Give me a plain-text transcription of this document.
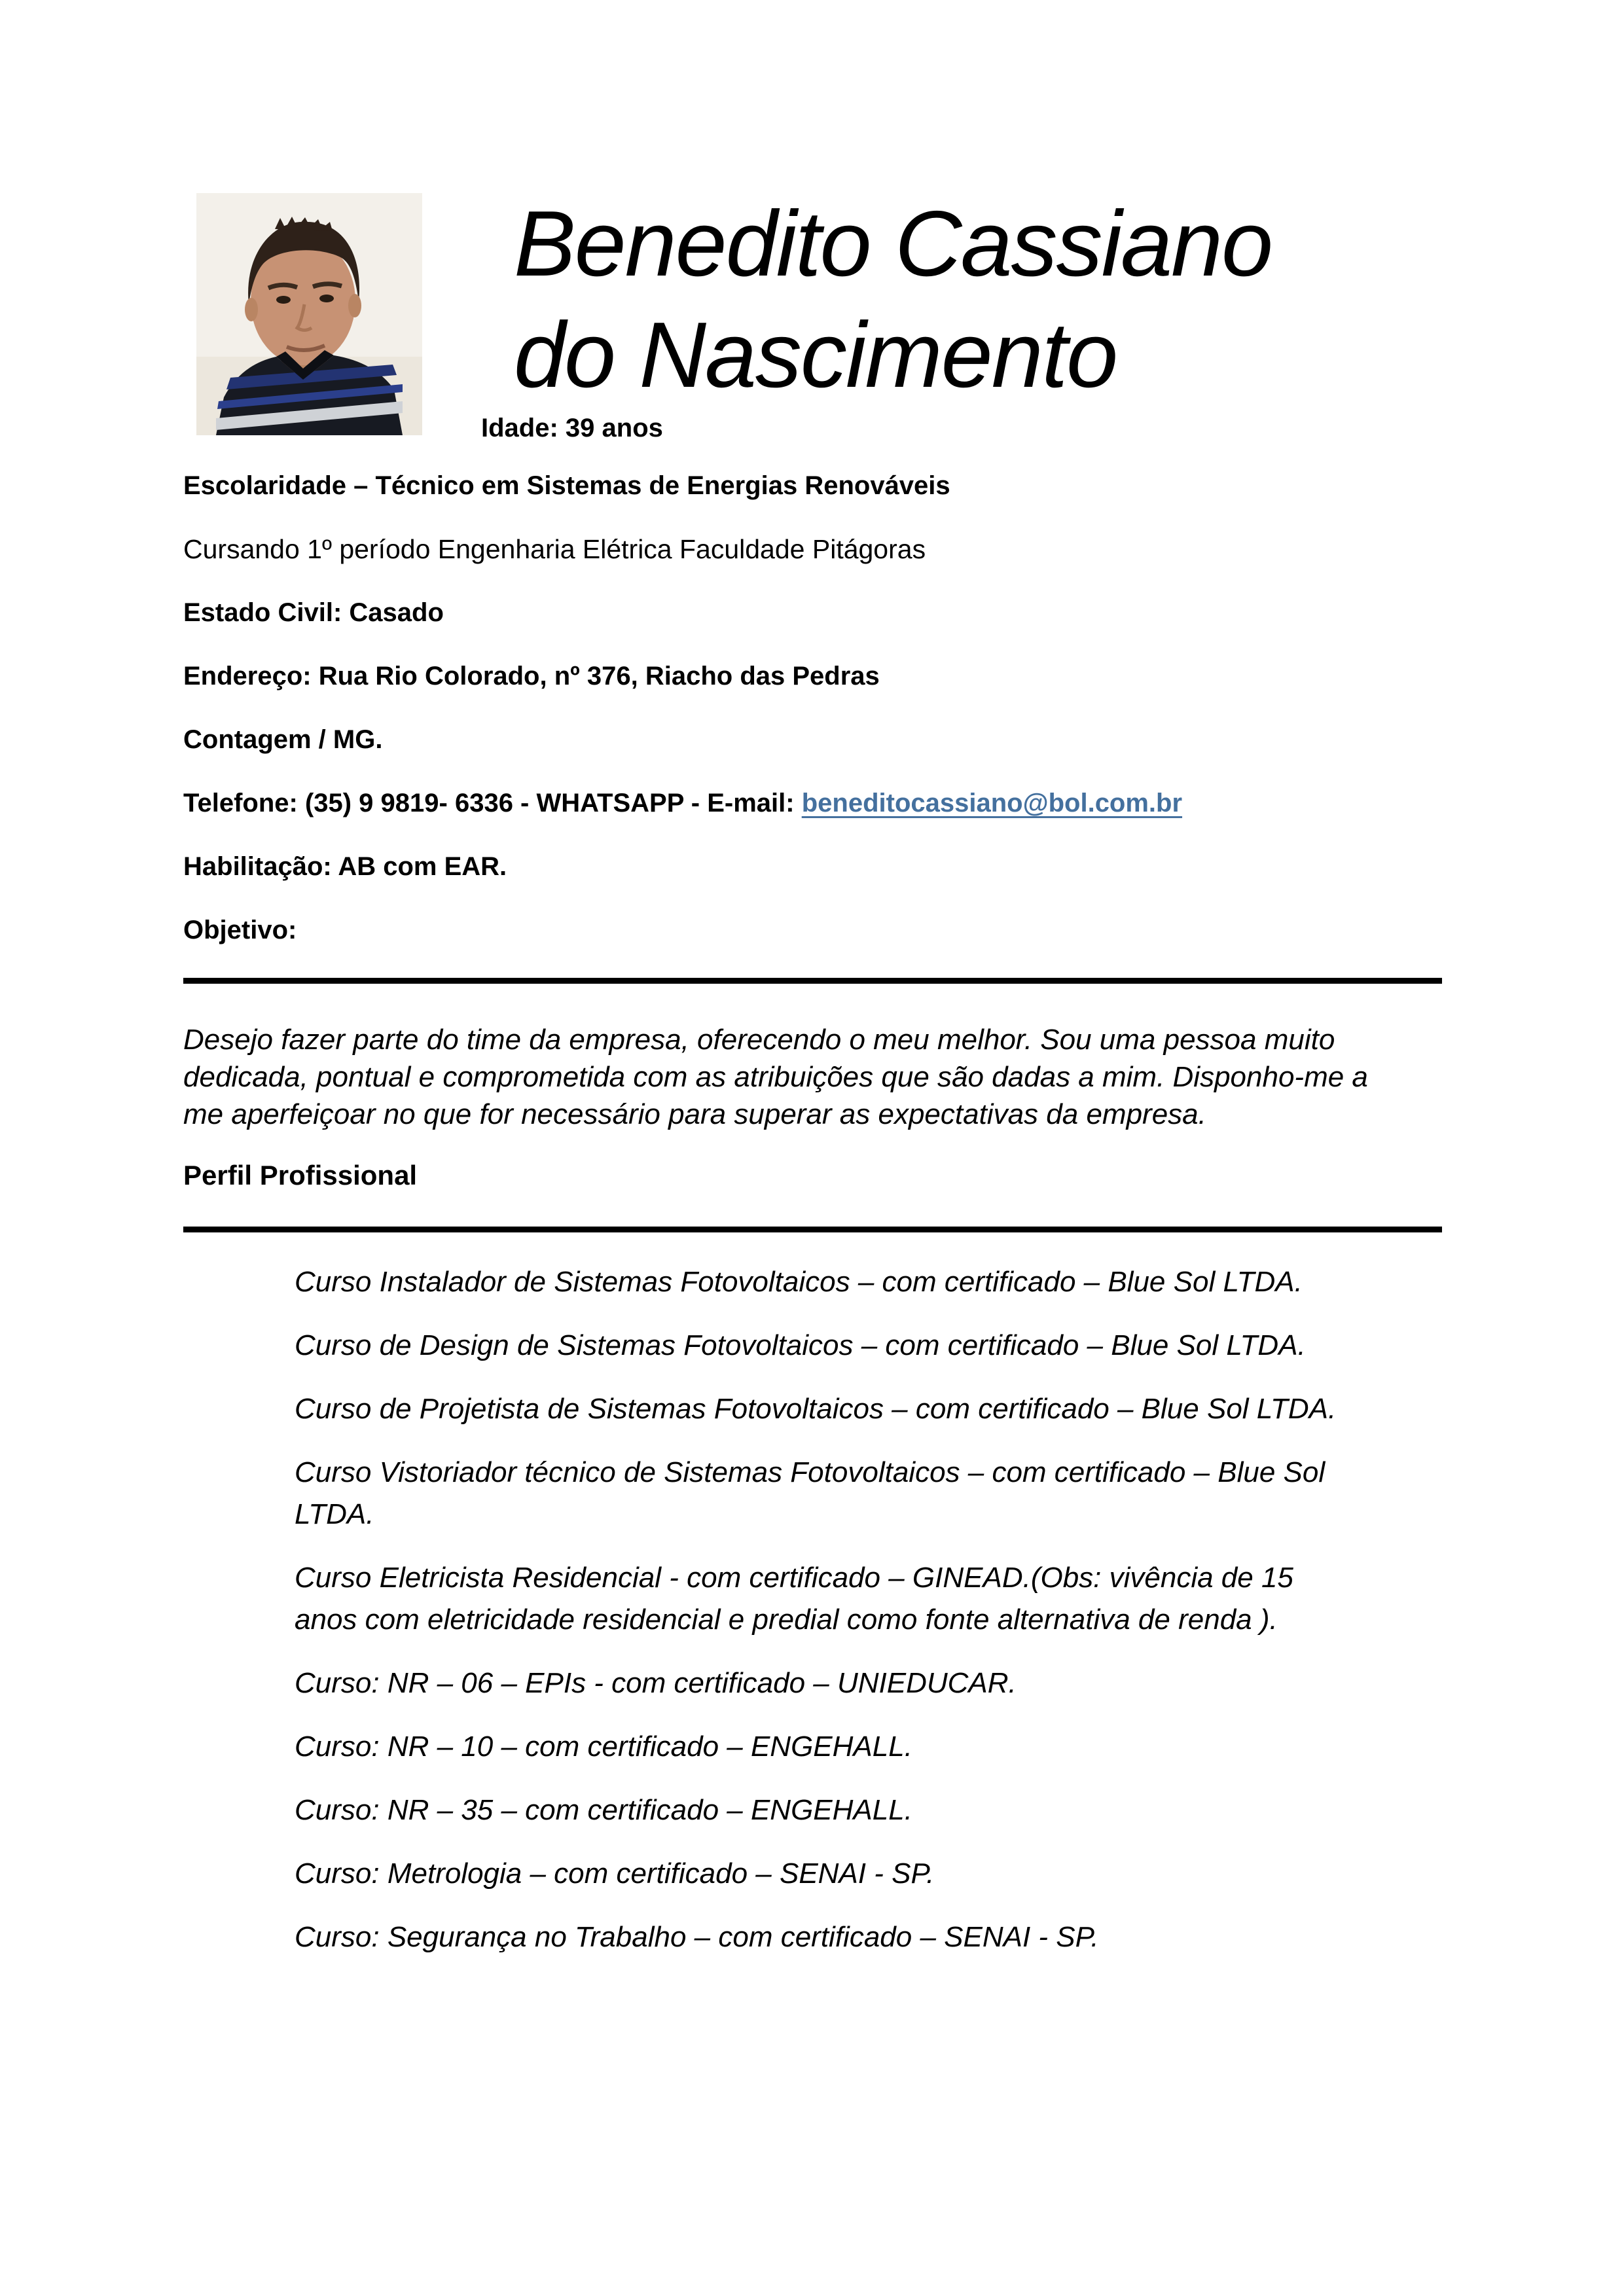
Benedito Cassiano
do Nascimento
Idade: 39 anos

Escolaridade – Técnico em Sistemas de Energias Renováveis

Cursando 1º período Engenharia Elétrica Faculdade Pitágoras

Estado Civil: Casado

Endereço: Rua Rio Colorado, nº 376, Riacho das Pedras

Contagem / MG.

Telefone: (35) 9 9819- 6336 - WHATSAPP - E-mail: beneditocassiano@bol.com.br

Habilitação: AB com EAR.

Objetivo:

Desejo fazer parte do time da empresa, oferecendo o meu melhor. Sou uma pessoa muito
dedicada, pontual e comprometida com as atribuições que são dadas a mim. Disponho-me a
me aperfeiçoar no que for necessário para superar as expectativas da empresa.
Perfil Profissional
Curso Instalador de Sistemas Fotovoltaicos – com certificado – Blue Sol LTDA.
Curso de Design de Sistemas Fotovoltaicos – com certificado – Blue Sol LTDA.
Curso de Projetista de Sistemas Fotovoltaicos – com certificado – Blue Sol LTDA.
Curso Vistoriador técnico de Sistemas Fotovoltaicos – com certificado – Blue Sol
LTDA.
Curso Eletricista Residencial - com certificado – GINEAD.(Obs: vivência de 15
anos com eletricidade residencial e predial como fonte alternativa de renda ).
Curso: NR – 06 – EPIs - com certificado – UNIEDUCAR.
Curso: NR – 10 – com certificado – ENGEHALL.
Curso: NR – 35 – com certificado – ENGEHALL.
Curso: Metrologia – com certificado – SENAI - SP.
Curso: Segurança no Trabalho – com certificado – SENAI - SP.
